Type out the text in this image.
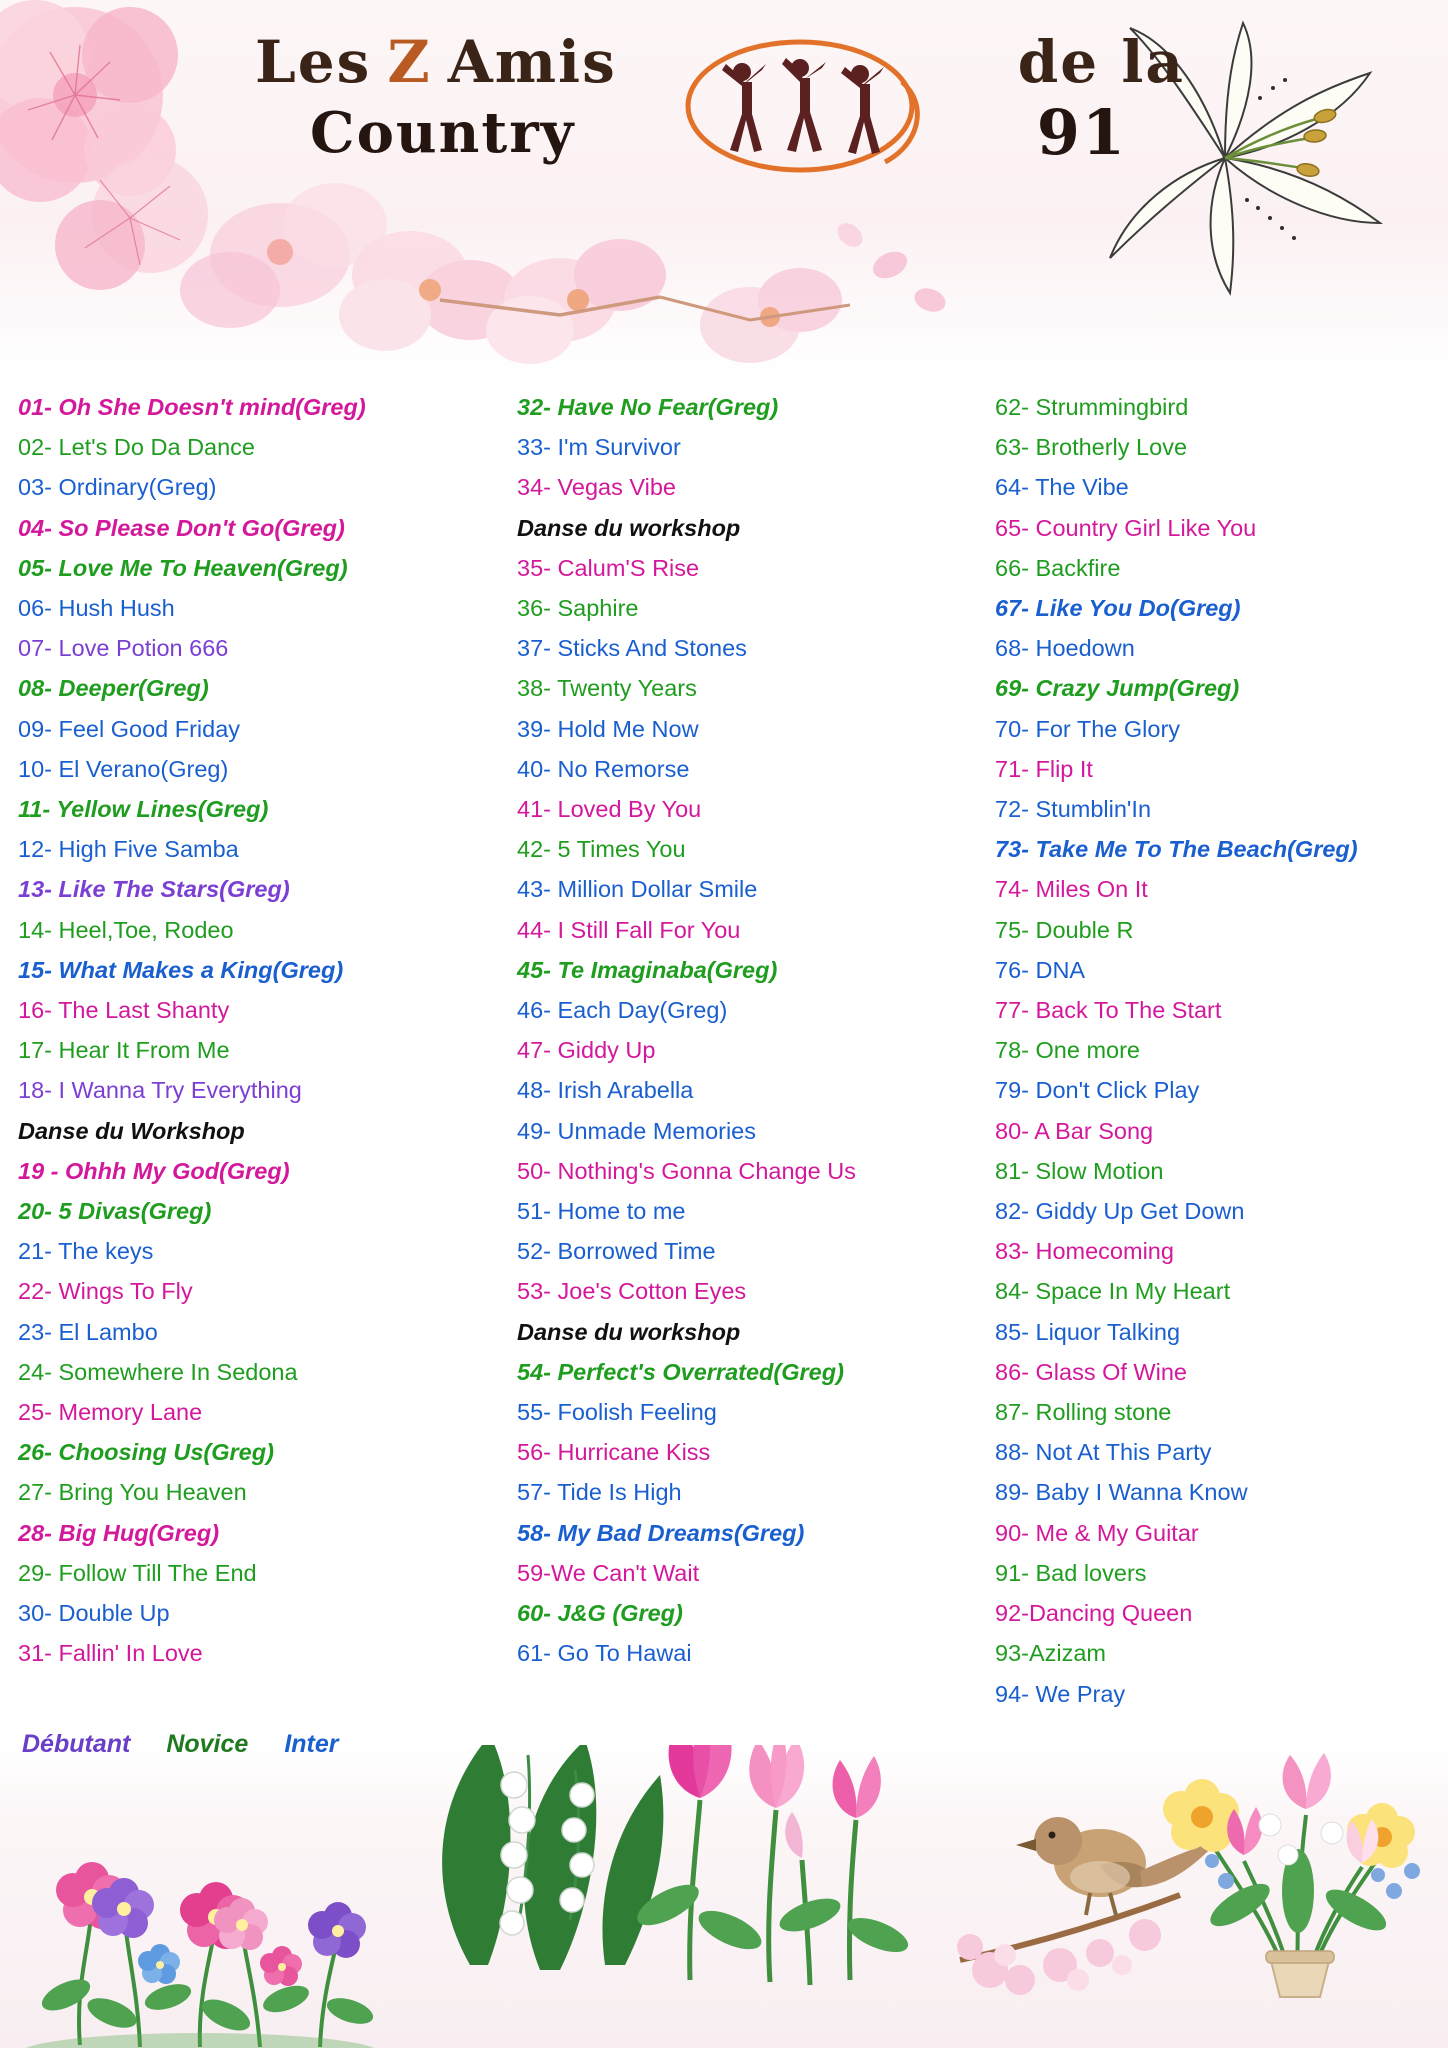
Les Z Amis	de la
Country	91
01- Oh She Doesn't mind(Greg)
02- Let's Do Da Dance
03- Ordinary(Greg)
04- So Please Don't Go(Greg)
05- Love Me To Heaven(Greg)
06- Hush Hush
07- Love Potion 666
08- Deeper(Greg)
09- Feel Good Friday
10- El Verano(Greg)
11- Yellow Lines(Greg)
12- High Five Samba
13- Like The Stars(Greg)
14- Heel,Toe, Rodeo
15- What Makes a King(Greg)
16- The Last Shanty
17- Hear It From Me
18- I Wanna Try Everything
Danse du Workshop
19 - Ohhh My God(Greg)
20- 5 Divas(Greg)
21- The keys
22- Wings To Fly
23- El Lambo
24- Somewhere In Sedona
25- Memory Lane
26- Choosing Us(Greg)
27- Bring You Heaven
28- Big Hug(Greg)
29- Follow Till The End
30- Double Up
31- Fallin' In Love
32- Have No Fear(Greg)
33- I'm Survivor
34- Vegas Vibe
Danse du workshop
35- Calum'S Rise
36- Saphire
37- Sticks And Stones
38- Twenty Years
39- Hold Me Now
40- No Remorse
41- Loved By You
42- 5 Times You
43- Million Dollar Smile
44- I Still Fall For You
45- Te Imaginaba(Greg)
46- Each Day(Greg)
47- Giddy Up
48- Irish Arabella
49- Unmade Memories
50- Nothing's Gonna Change Us
51- Home to me
52- Borrowed Time
53- Joe's Cotton Eyes
Danse du workshop
54- Perfect's Overrated(Greg)
55- Foolish Feeling
56- Hurricane Kiss
57- Tide Is High
58- My Bad Dreams(Greg)
59-We Can't Wait
60- J&G (Greg)
61- Go To Hawai
62- Strummingbird
63- Brotherly Love
64- The Vibe
65- Country Girl Like You
66- Backfire
67- Like You Do(Greg)
68- Hoedown
69- Crazy Jump(Greg)
70- For The Glory
71- Flip It
72- Stumblin'In
73- Take Me To The Beach(Greg)
74- Miles On It
75- Double R
76- DNA
77- Back To The Start
78- One more
79- Don't Click Play
80- A Bar Song
81- Slow Motion
82- Giddy Up Get Down
83- Homecoming
84- Space In My Heart
85- Liquor Talking
86- Glass Of Wine
87- Rolling stone
88- Not At This Party
89- Baby I Wanna Know
90- Me & My Guitar
91- Bad lovers
92-Dancing Queen
93-Azizam
94- We Pray
Débutant Novice Inter
